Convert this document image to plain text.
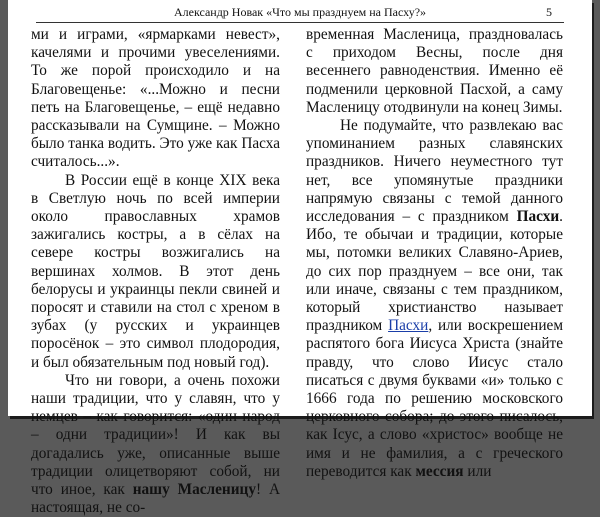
Александр Новак «Что мы празднуем на Пасху?»	5

ми и играми, «ярмарками невест», качелями и прочими увеселениями. То же порой происходило и на Благовещенье: «...Можно и песни петь на Благовещенье, – ещё недавно рассказывали на Сумщине. – Можно было танка водить. Это уже как Пасха считалось...».

В России ещё в конце XIX века в Светлую ночь по всей империи около православных храмов зажигались костры, а в сёлах на севере костры возжигались на вершинах холмов. В этот день белорусы и украинцы пекли свиней и поросят и ставили на стол с хреном в зубах (у русских и украинцев поросёнок – это символ плодородия, и был обязательным под новый год).

Что ни говори, а очень похожи наши традиции, что у славян, что у немцев – как говорится: «один народ – одни традиции»! И как вы догадались уже, описанные выше традиции олицетворяют собой, ни что иное, как нашу Масленицу! А настоящая, не со-

временная Масленица, праздновалась с приходом Весны, после дня весеннего равноденствия. Именно её подменили церковной Пасхой, а саму Масленицу отодвинули на конец Зимы.

Не подумайте, что развлекаю вас упоминанием разных славянских праздников. Ничего неуместного тут нет, все упомянутые праздники напрямую связаны с темой данного исследования – с праздником Пасхи. Ибо, те обычаи и традиции, которые мы, потомки великих Славяно-Ариев, до сих пор празднуем – все они, так или иначе, связаны с тем праздником, который христианство называет праздником Пасхи, или воскрешением распятого бога Иисуса Христа (знайте правду, что слово Иисус стало писаться с двумя буквами «и» только с 1666 года по решению московского церковного собора; до этого писалось, как Ісус, а слово «христос» вообще не имя и не фамилия, а с греческого переводится как мессия или
